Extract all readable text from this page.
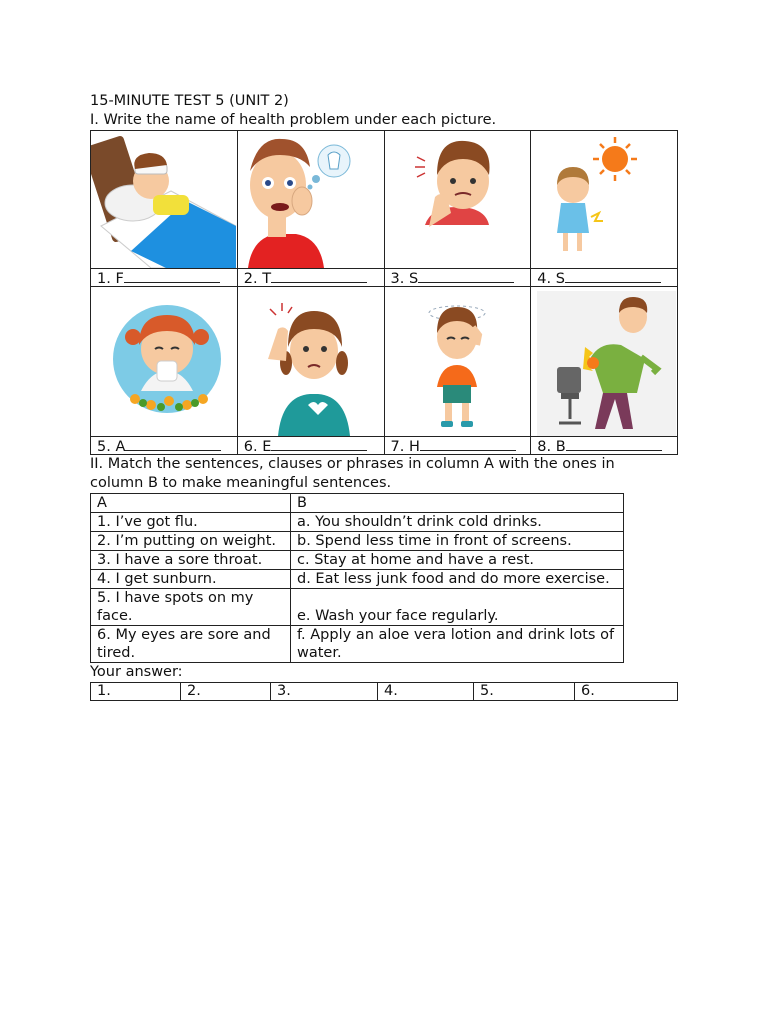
15-MINUTE TEST 5 (UNIT 2)
I. Write the name of health problem under each picture.

1. F	2. T	3. S	4. S

5. A	6. E	7. H	8. B
II. Match the sentences, clauses or phrases in column A with the ones in column B to make meaningful sentences.
A	B
1. I’ve got flu.	a. You shouldn’t drink cold drinks.
2. I’m putting on weight.	b. Spend less time in front of screens.
3. I have a sore throat.	c. Stay at home and have a rest.
4. I get sunburn.	d. Eat less junk food and do more exercise.
5. I have spots on my face.	e. Wash your face regularly.
6. My eyes are sore and tired.	f. Apply an aloe vera lotion and drink lots of water.
Your answer:
1.	2.	3.	4.	5.	6.
